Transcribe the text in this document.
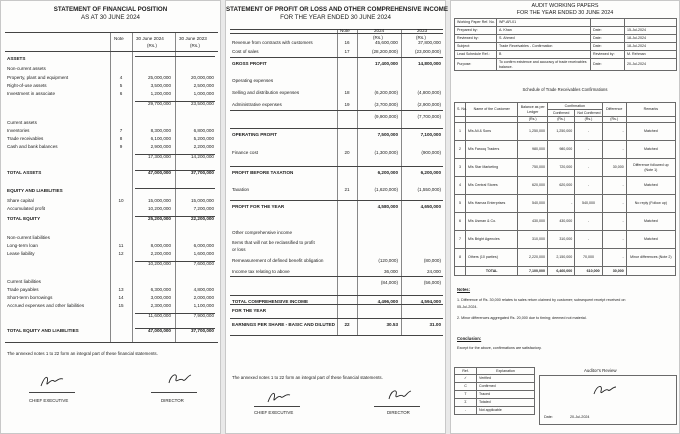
STATEMENT OF FINANCIAL POSITION
AS AT 30 JUNE 2024
Note	30 June 2024	30 June 2023
(Rs.)	(Rs.)
ASSETS
Non-current assets
Property, plant and equipment	4	25,000,000	20,000,000
Right-of-use assets	5	3,500,000	2,500,000
Investment in associate	6	1,200,000	1,000,000
29,700,000	23,500,000
Current assets
Inventories	7	8,300,000	6,800,000
Trade receivables	8	6,100,000	5,200,000
Cash and bank balances	9	2,900,000	2,200,000
17,300,000	14,200,000
TOTAL ASSETS	47,000,000	37,700,000
EQUITY AND LIABILITIES
Share capital	10	15,000,000	15,000,000
Accumulated profit	10,200,000	7,200,000
TOTAL EQUITY	25,200,000	22,200,000
Non-current liabilities
Long-term loan	11	8,000,000	6,000,000
Lease liability	12	2,200,000	1,600,000
10,200,000	7,600,000
Current liabilities
Trade payables	13	6,300,000	4,800,000
Short-term borrowings	14	3,000,000	2,000,000
Accrued expenses and other liabilities	15	2,300,000	1,100,000
11,600,000	7,900,000
TOTAL EQUITY AND LIABILITIES	47,000,000	37,700,000
The annexed notes 1 to 22 form an integral part of these financial statements.
CHIEF EXECUTIVE	DIRECTOR
STATEMENT OF PROFIT OR LOSS AND OTHER COMPREHENSIVE INCOME
FOR THE YEAR ENDED 30 JUNE 2024
Note	2024	2023
(Rs.)	(Rs.)
Revenue from contracts with customers	16	45,600,000	37,800,000
Cost of sales	17	(28,200,000)	(23,000,000)
GROSS PROFIT	17,400,000	14,800,000
Operating expenses
Selling and distribution expenses	18	(6,200,000)	(4,800,000)
Administrative expenses	19	(3,700,000)	(2,900,000)
(9,900,000)	(7,700,000)
OPERATING PROFIT	7,500,000	7,100,000
Finance cost	20	(1,300,000)	(900,000)
PROFIT BEFORE TAXATION	6,200,000	6,200,000
Taxation	21	(1,620,000)	(1,550,000)
PROFIT FOR THE YEAR	4,580,000	4,650,000
Other comprehensive income
Items that will not be reclassified to profit
or loss
Remeasurement of defined benefit obligation	(120,000)	(80,000)
Income tax relating to above	36,000	24,000
(84,000)	(56,000)
TOTAL COMPREHENSIVE INCOME	4,496,000	4,594,000
FOR THE YEAR
EARNINGS PER SHARE - BASIC AND DILUTED	22	30.53	31.00
The annexed notes 1 to 22 form an integral part of these financial statements.
CHIEF EXECUTIVE	DIRECTOR
AUDIT WORKING PAPERS
FOR THE YEAR ENDED 30 JUNE 2024
Working Paper Ref. No.	WP-AR-01		
Prepared by:	A. Khan	Date:	15-Jul-2024
Reviewed by:	S. Ahmed	Date:	18-Jul-2024
Subject:	Trade Receivables - Confirmation	Date:	18-Jul-2024
Lead Schedule Ref.:	B	Reviewed by:	M. Rehman
Purpose:	To confirm existence and accuracy of trade receivables balance.	Date:	20-Jul-2024
Schedule of Trade Receivables Confirmations
S. No.	Name of the Customer	Balance as per Ledger	Confirmation		Difference	Remarks
			Confirmed	Not Confirmed		
		(Rs.)	(Rs.)	(Rs.)	(Rs.)	
1	M/s Ali & Sons	1,250,000	1,250,000	-	-	Matched
2	M/s Farooq Traders	980,000	980,000	-	-	Matched
3	M/s Star Marketing	750,000	720,000	-	30,000	Difference followed up (Note 1)
4	M/s Central Stores	620,000	620,000	-	-	Matched
5	M/s Hamza Enterprises	540,000	-	540,000	-	No reply (Follow up)
6	M/s Usman & Co.	430,000	430,000	-	-	Matched
7	M/s Bright Agencies	310,000	310,000	-	-	Matched
8	Others (10 parties)	2,220,000	2,150,000	70,000	-	Minor differences (Note 2)
	TOTAL	7,100,000	6,460,000	610,000	30,000	
Notes:
1. Difference of Rs. 30,000 relates to sales return claimed by customer; subsequent receipt received on
05-Jul-2024.
2. Minor differences aggregated Rs. 20,000 due to timing; deemed not material.
Conclusion:
Except for the above, confirmations are satisfactory.
Ref.	Explanation
✓	Verified
C	Confirmed
T	Traced
Σ	Totaled
-	Not applicable
Auditor's Review
Date:	20-Jul-2024
